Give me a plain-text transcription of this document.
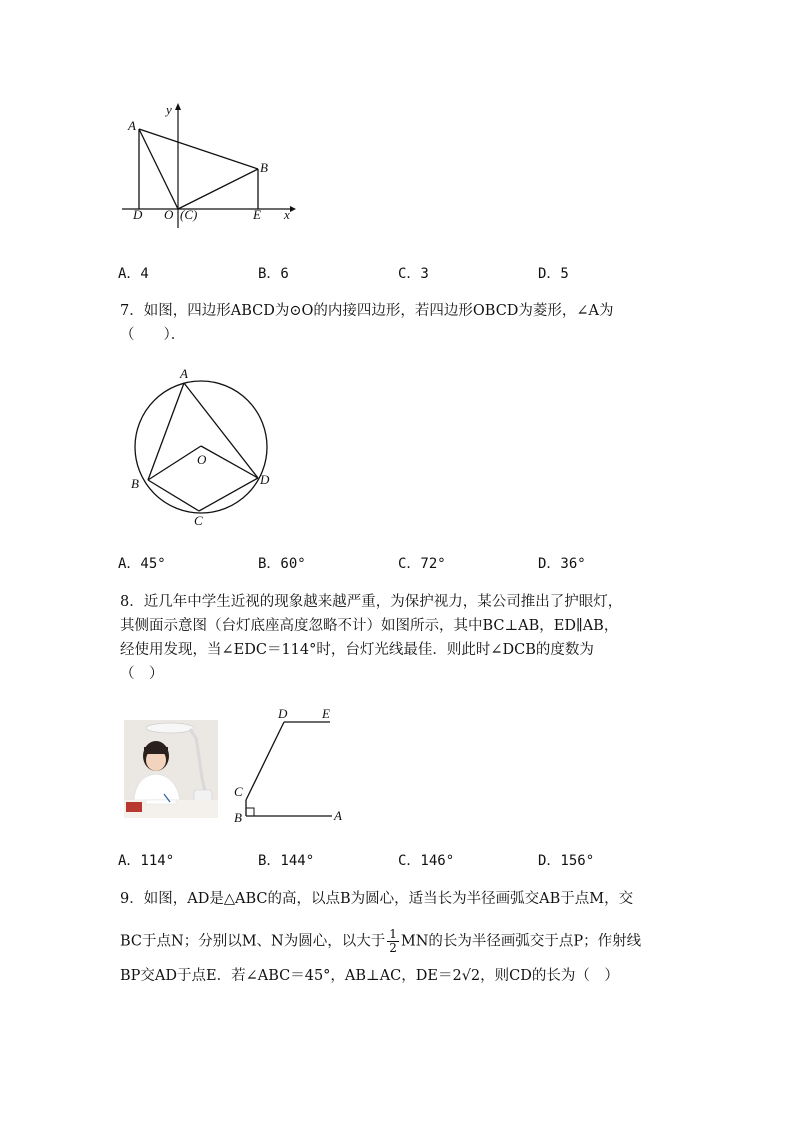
y
x
A
B
D O (C)	E
A．4	B．6	C．3	D．5
7．如图，四边形ABCD为⊙O的内接四边形，若四边形OBCD为菱形，∠A为
（　　）．
A
O
B	D
C
A．45°	B．60°	C．72°	D．36°
8．近几年中学生近视的现象越来越严重，为保护视力，某公司推出了护眼灯，
其侧面示意图（台灯底座高度忽略不计）如图所示，其中BC⊥AB，ED∥AB，
经使用发现，当∠EDC＝114°时，台灯光线最佳．则此时∠DCB的度数为
（　）
D	E
C
B	A
A．114°	B．144°	C．146°	D．156°
9．如图，AD是△ABC的高，以点B为圆心，适当长为半径画弧交AB于点M，交
BC于点N；分别以M、N为圆心，以大于 $\frac{1}{2}$ MN的长为半径画弧交于点P；作射线
BP交AD于点E．若∠ABC＝45°，AB⊥AC，DE＝2√2，则CD的长为（　）
